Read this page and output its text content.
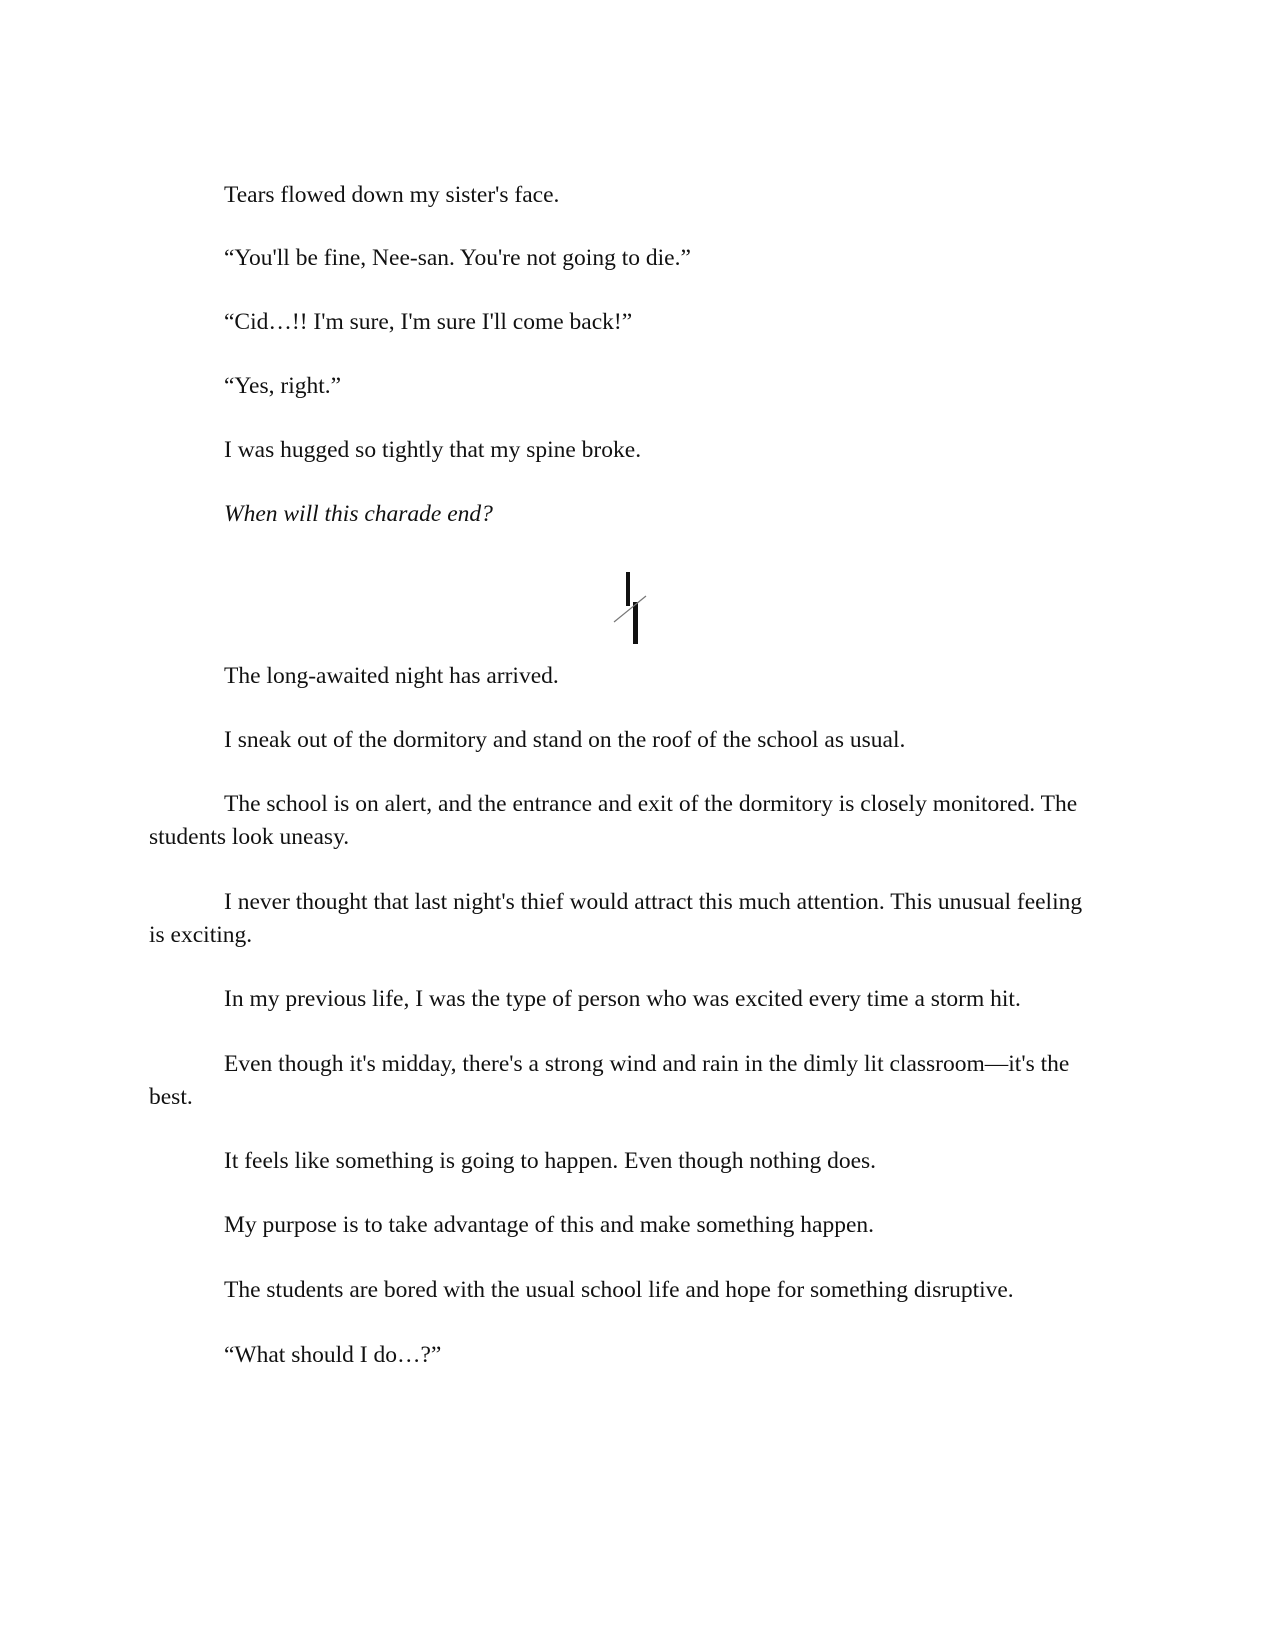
Tears flowed down my sister's face.

“You'll be fine, Nee-san. You're not going to die.”

“Cid…!! I'm sure, I'm sure I'll come back!”

“Yes, right.”

I was hugged so tightly that my spine broke.

When will this charade end?

The long-awaited night has arrived.

I sneak out of the dormitory and stand on the roof of the school as usual.

The school is on alert, and the entrance and exit of the dormitory is closely monitored. The students look uneasy.

I never thought that last night's thief would attract this much attention. This unusual feeling is exciting.

In my previous life, I was the type of person who was excited every time a storm hit.

Even though it's midday, there's a strong wind and rain in the dimly lit classroom—it's the best.

It feels like something is going to happen. Even though nothing does.

My purpose is to take advantage of this and make something happen.

The students are bored with the usual school life and hope for something disruptive.

“What should I do…?”
